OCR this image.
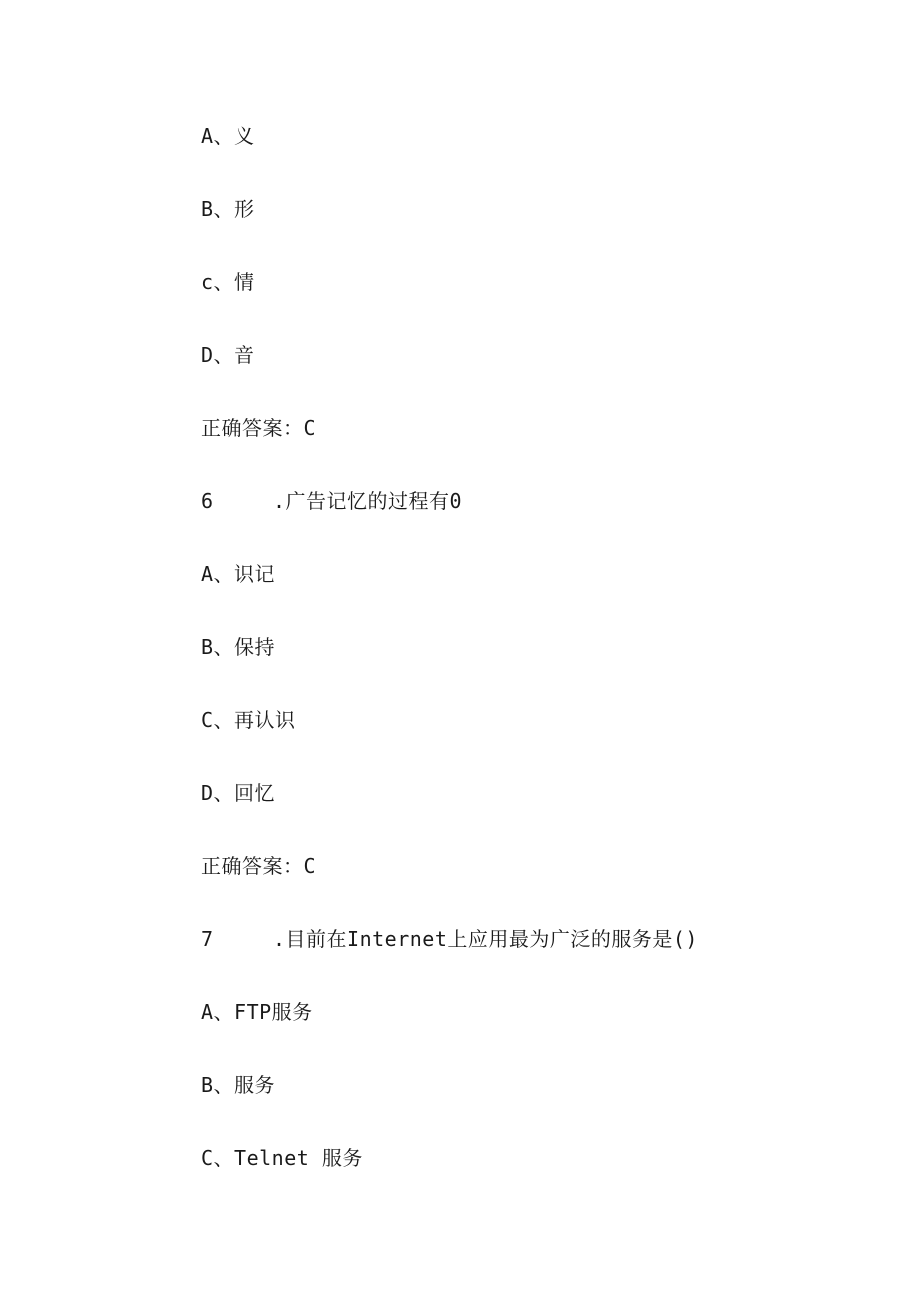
A、义
B、形
c、情
D、音
正确答案：C
6	.广告记忆的过程有0
A、识记
B、保持
C、再认识
D、回忆
正确答案：C
7	.目前在Internet上应用最为广泛的服务是()
A、FTP服务
B、服务
C、Telnet 服务
